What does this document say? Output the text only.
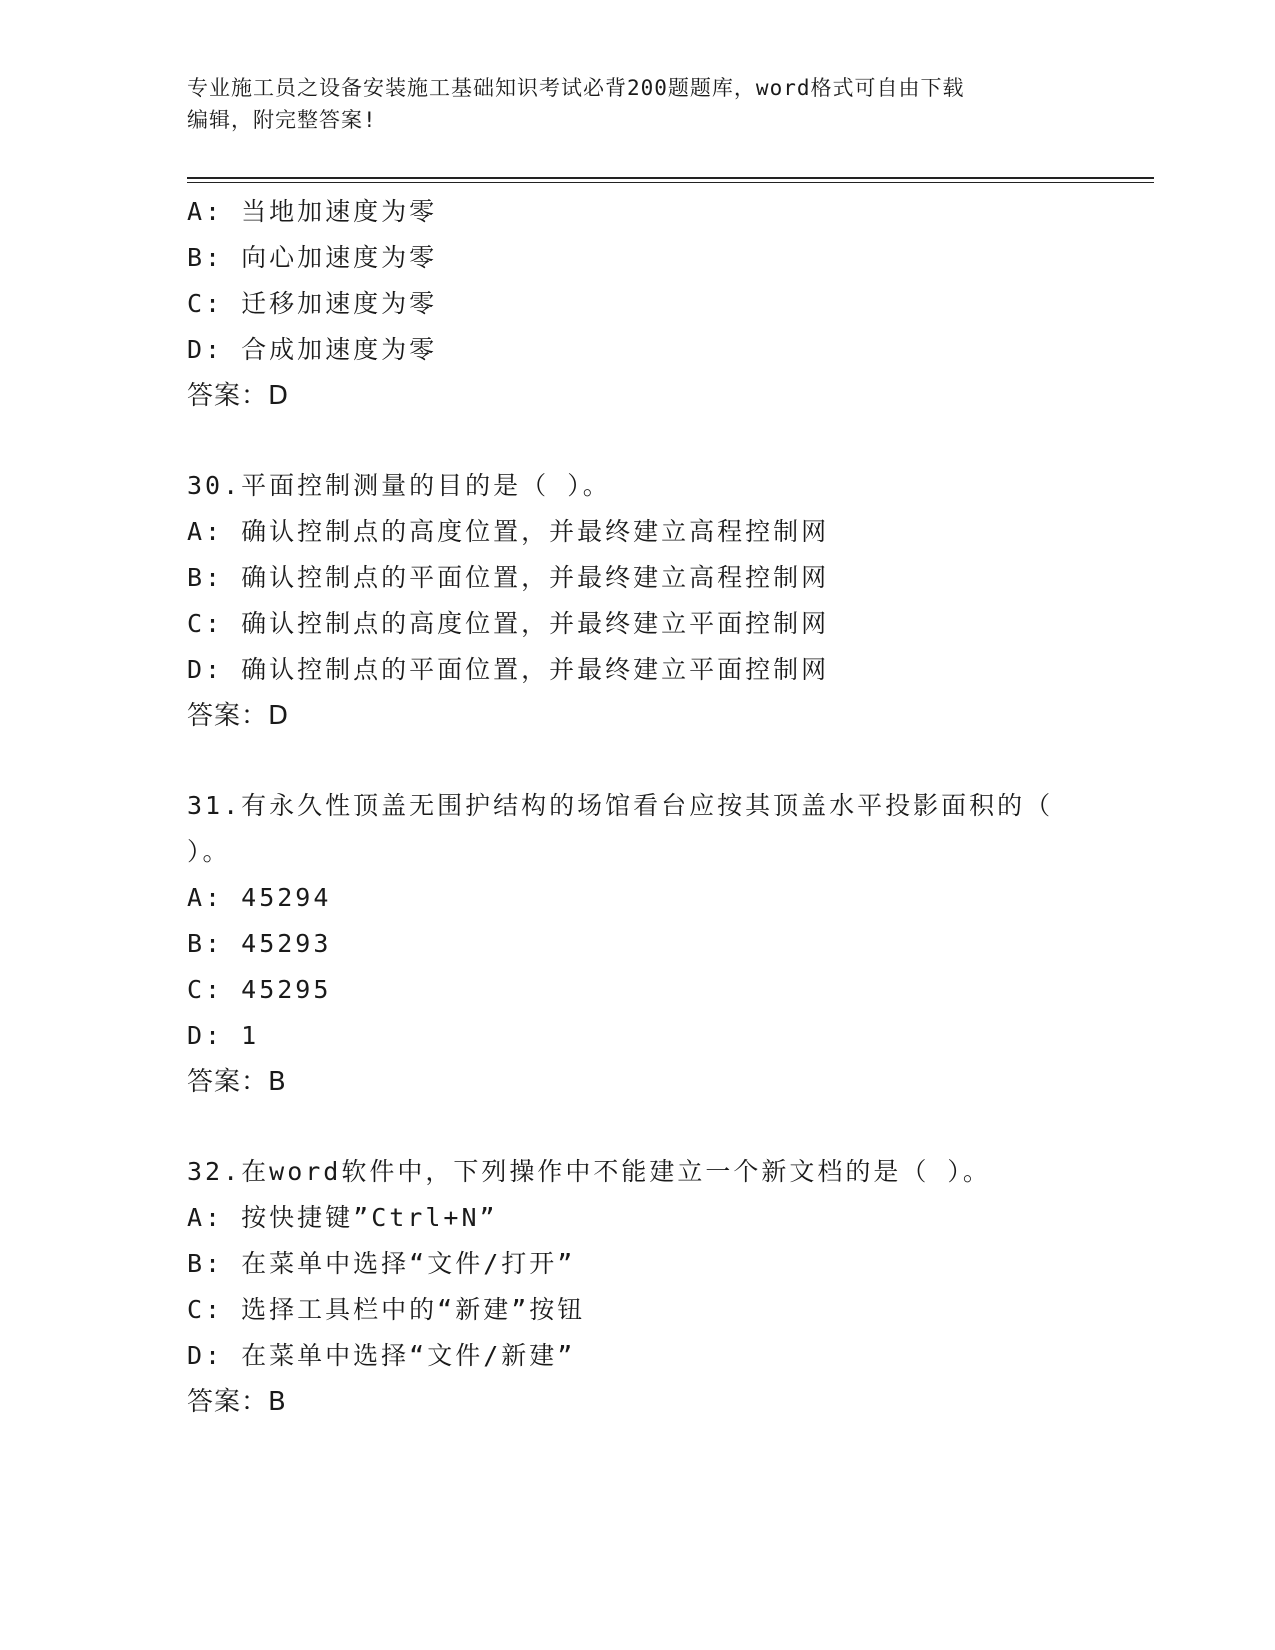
专业施工员之设备安装施工基础知识考试必背200题题库，word格式可自由下载
编辑，附完整答案!
A: 当地加速度为零
B: 向心加速度为零
C: 迁移加速度为零
D: 合成加速度为零
答案：D
30.平面控制测量的目的是（ ）。
A: 确认控制点的高度位置，并最终建立高程控制网
B: 确认控制点的平面位置，并最终建立高程控制网
C: 确认控制点的高度位置，并最终建立平面控制网
D: 确认控制点的平面位置，并最终建立平面控制网
答案：D
31.有永久性顶盖无围护结构的场馆看台应按其顶盖水平投影面积的（
）。
A: 45294
B: 45293
C: 45295
D: 1
答案：B
32.在word软件中，下列操作中不能建立一个新文档的是（ ）。
A: 按快捷键”Ctrl+N”
B: 在菜单中选择“文件/打开”
C: 选择工具栏中的“新建”按钮
D: 在菜单中选择“文件/新建”
答案：B
